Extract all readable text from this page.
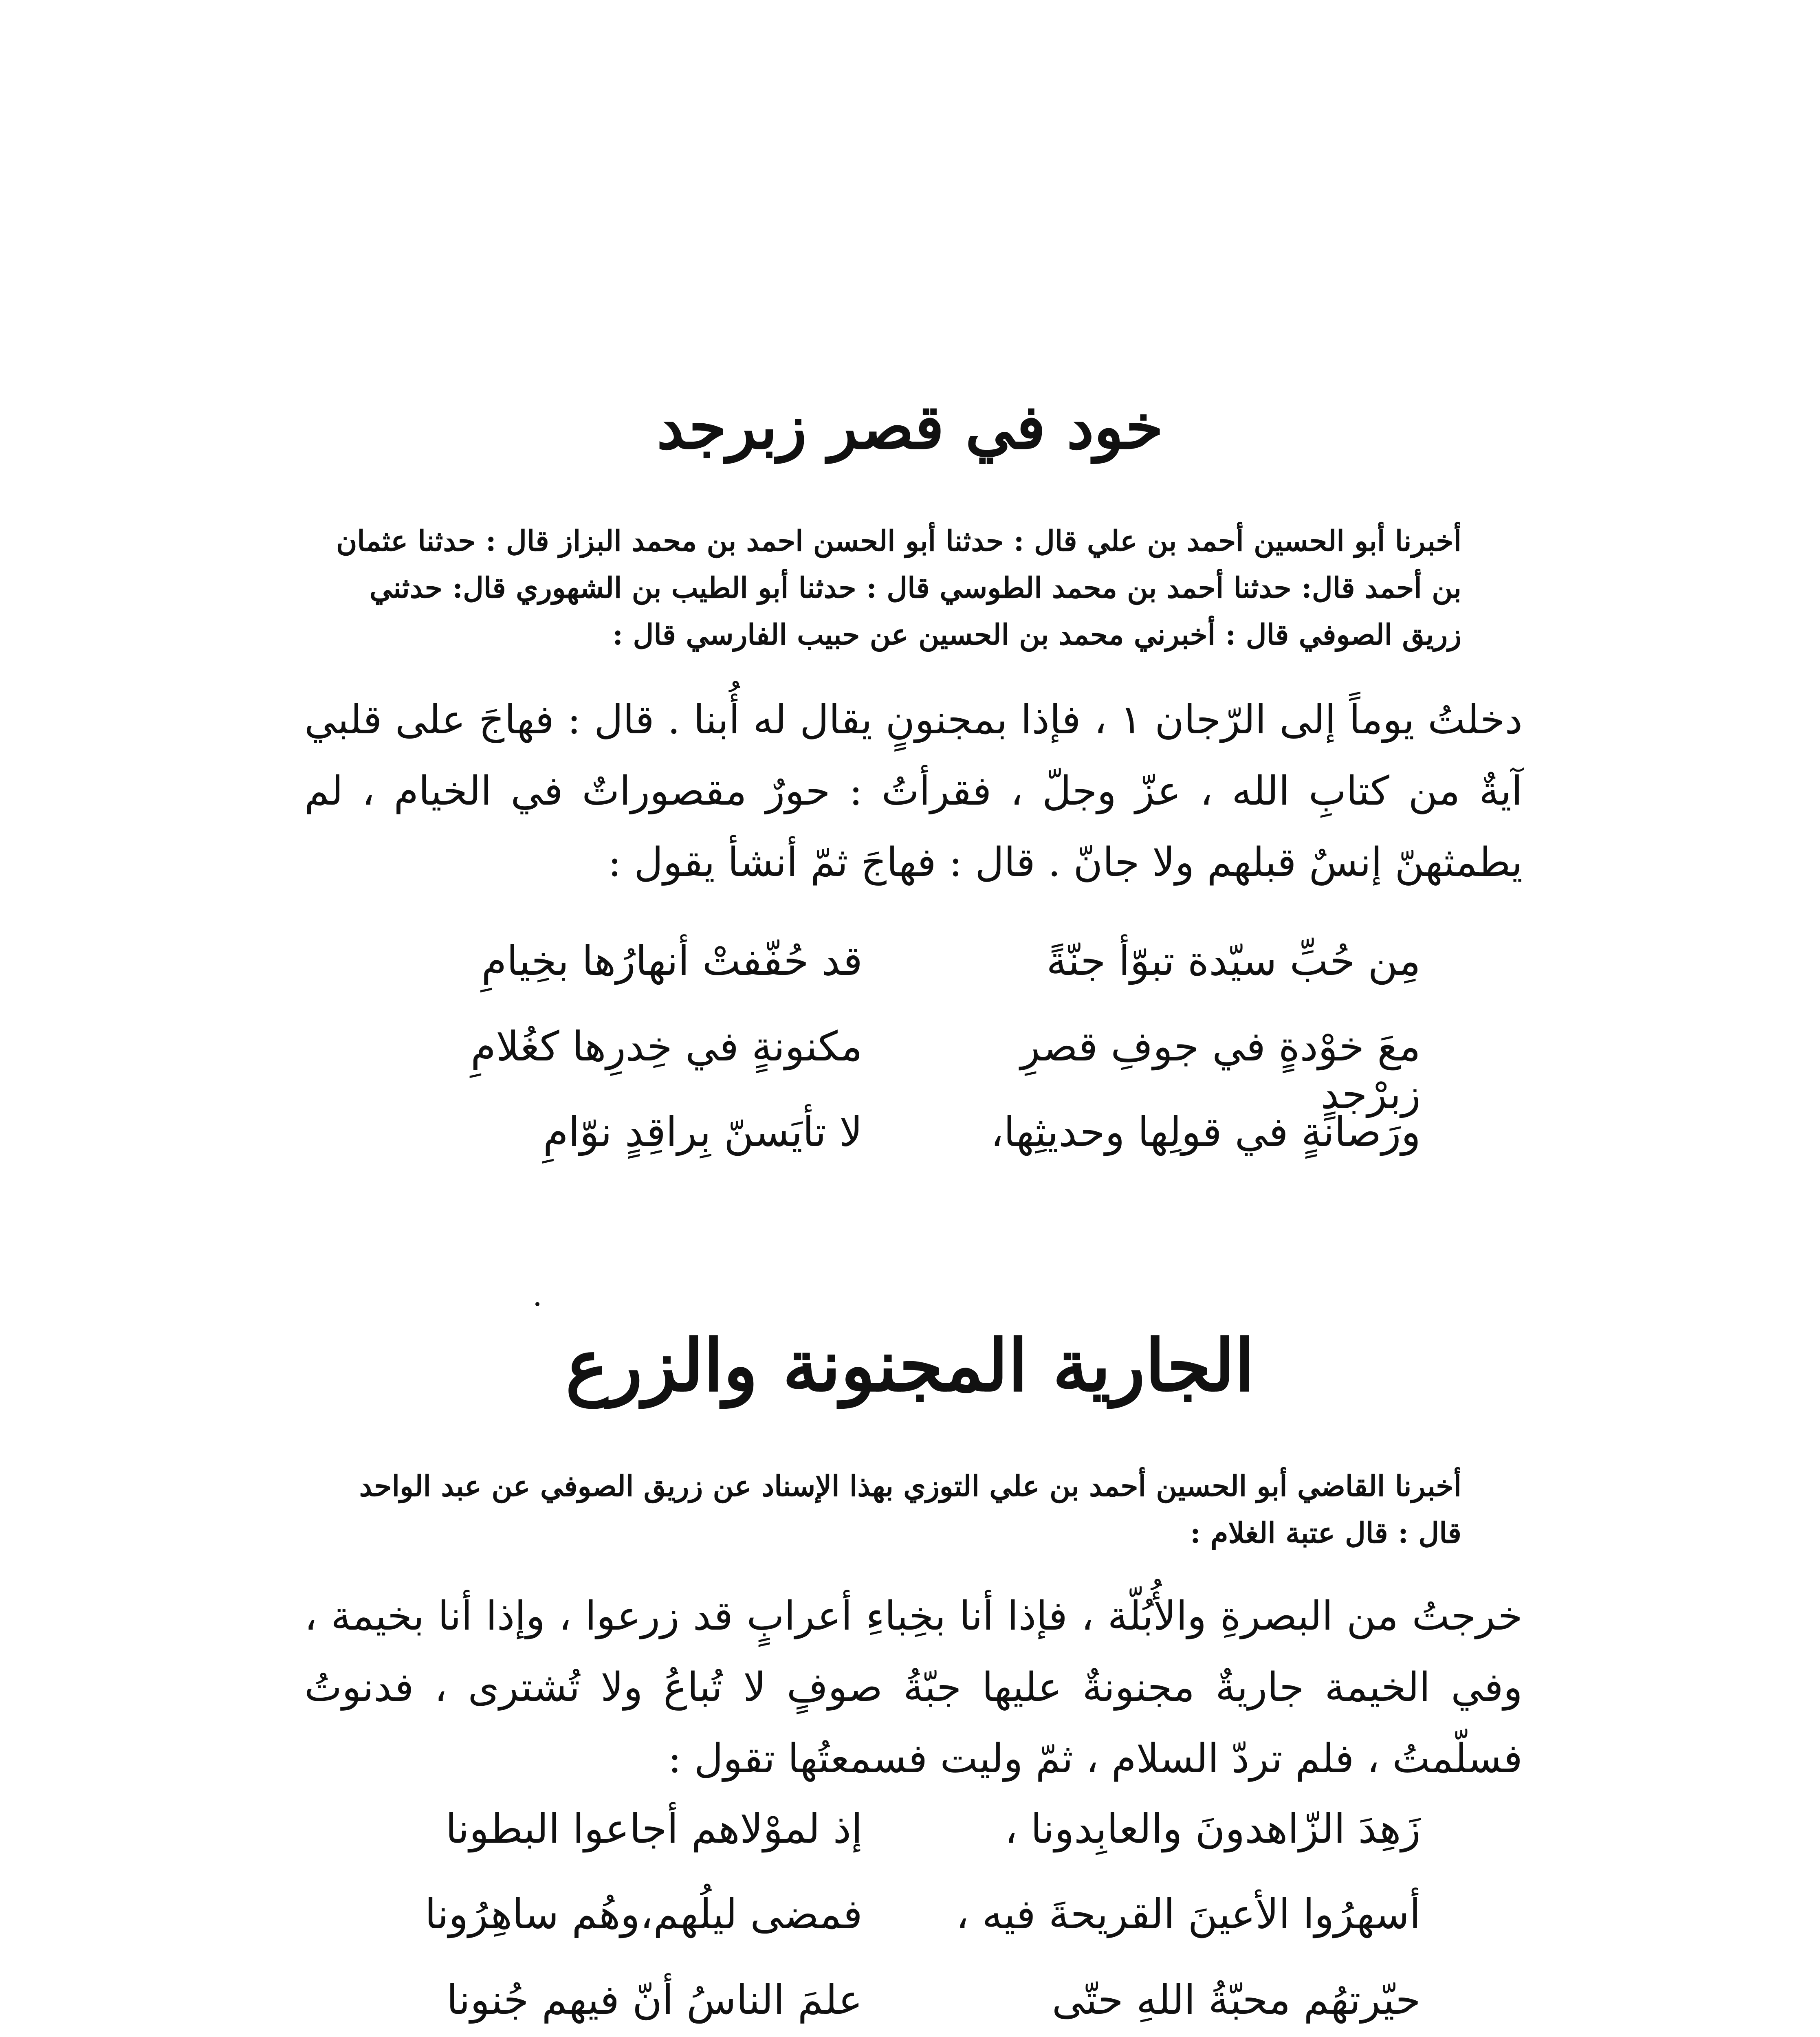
خود في قصر زبرجد
أخبرنا أبو الحسين أحمد بن علي قال : حدثنا أبو الحسن احمد بن محمد البزاز قال : حدثنا عثمان بن أحمد قال: حدثنا أحمد بن محمد الطوسي قال : حدثنا أبو الطيب بن الشهوري قال: حدثني زريق الصوفي قال : أخبرني محمد بن الحسين عن حبيب الفارسي قال :
دخلتُ يوماً إلى الرّجان ١ ، فإذا بمجنونٍ يقال له أُبنا . قال : فهاجَ على قلبي آيةٌ من كتابِ الله ، عزّ وجلّ ، فقرأتُ : حورٌ مقصوراتٌ في الخيام ، لم يطمثهنّ إنسٌ قبلهم ولا جانّ . قال : فهاجَ ثمّ أنشأ يقول :
مِن حُبِّ سيّدة تبوّأ جنّةً
قد حُفّفتْ أنهارُها بخِيامِ
معَ خوْدةٍ في جوفِ قصرِ زبرْجدٍ
مكنونةٍ في خِدرِها كغُلامِ
ورَصانةٍ في قولِها وحديثِها،
لا تأيَسنّ بِراقِدٍ نوّامِ
الجارية المجنونة والزرع
أخبرنا القاضي أبو الحسين أحمد بن علي التوزي بهذا الإسناد عن زريق الصوفي عن عبد الواحد قال : قال عتبة الغلام :
خرجتُ من البصرةِ والأُبُلّة ، فإذا أنا بخِباءِ أعرابٍ قد زرعوا ، وإذا أنا بخيمة ، وفي الخيمة جاريةٌ مجنونةٌ عليها جبّةُ صوفٍ لا تُباعُ ولا تُشترى ، فدنوتُ فسلّمتُ ، فلم تردّ السلام ، ثمّ وليت فسمعتُها تقول :
زَهِدَ الزّاهدونَ والعابِدونا ،
إذ لموْلاهم أجاعوا البطونا
أسهرُوا الأعينَ القريحةَ فيه ،
فمضى ليلُهم،وهُم ساهِرُونا
حيّرتهُم محبّةُ اللهِ حتّى
علمَ الناسُ أنّ فيهم جُنونا
